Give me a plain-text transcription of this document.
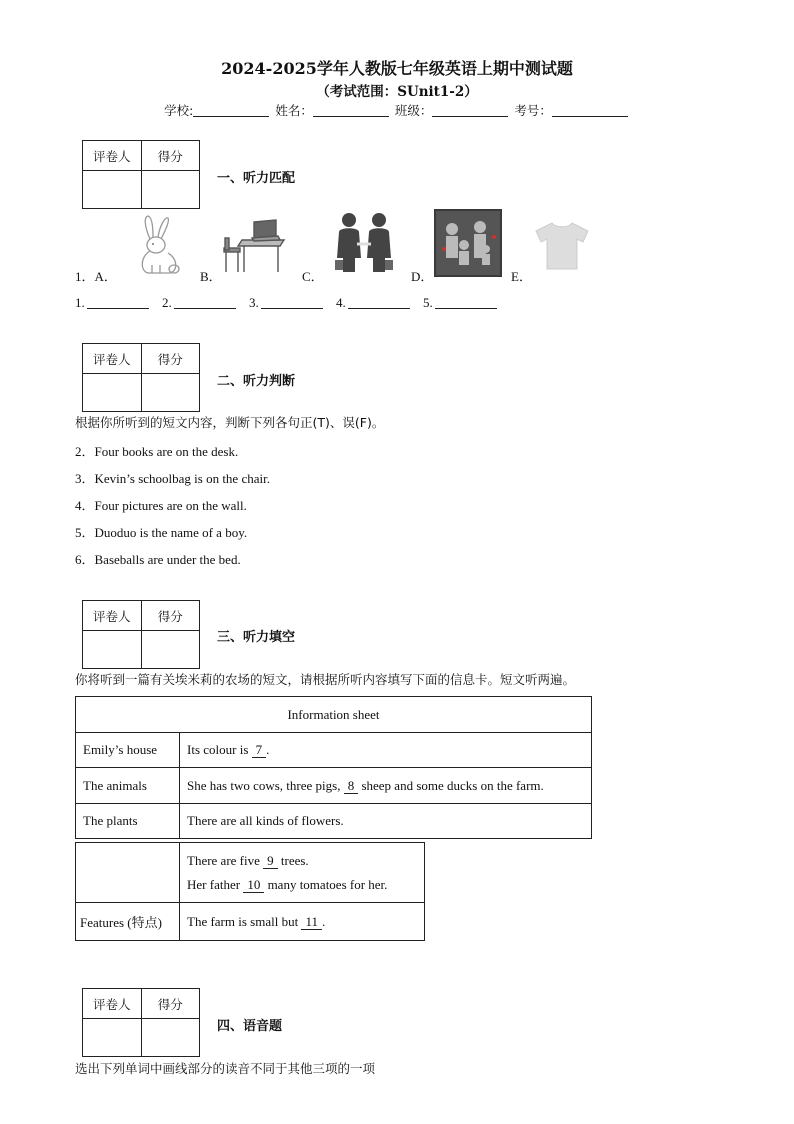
2024-2025学年人教版七年级英语上期中测试题
（考试范围：SUnit1-2）
学校:	姓名：	班级：	考号：
评卷人	得分

一、听力匹配
1．A．	B．	C．	D．	E．
1.	2.	3.	4.	5.
评卷人	得分

二、听力判断
根据你所听到的短文内容，判断下列各句正(T)、误(F)。
2．Four books are on the desk.
3．Kevin’s schoolbag is on the chair.
4．Four pictures are on the wall.
5．Duoduo is the name of a boy.
6．Baseballs are under the bed.
评卷人	得分

三、听力填空
你将听到一篇有关埃米莉的农场的短文，请根据所听内容填写下面的信息卡。短文听两遍。
Information sheet	
Emily’s house	Its colour is 7 .
The animals	She has two cows, three pigs, 8 sheep and some ducks on the farm.
The plants	There are all kinds of flowers.

	There are five 9 trees.
Her father 10 many tomatoes for her.

Features (特点)	The farm is small but 11 .
评卷人	得分

四、语音题
选出下列单词中画线部分的读音不同于其他三项的一项
